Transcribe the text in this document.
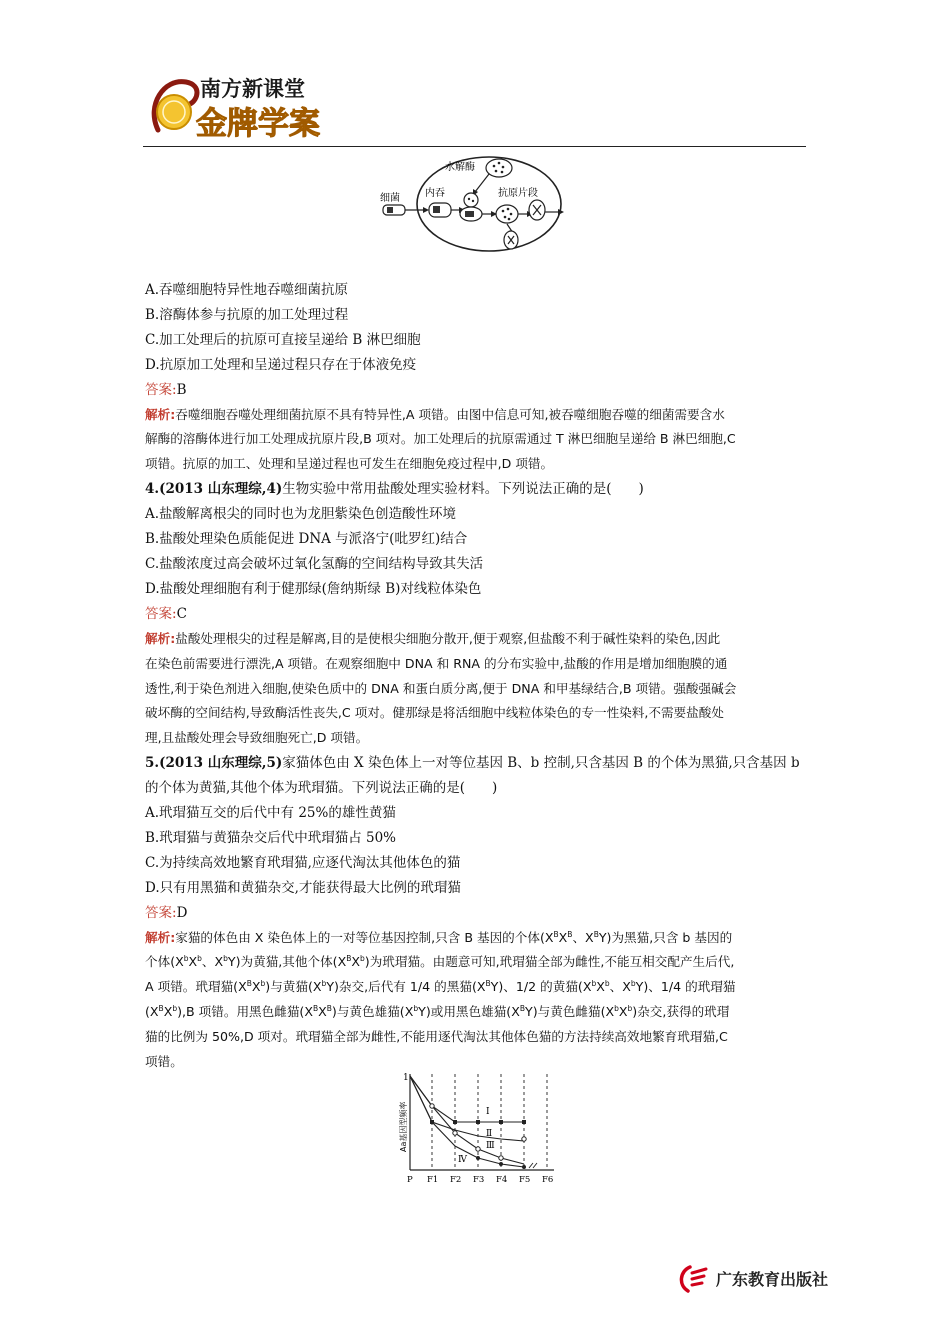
南方新课堂
金牌学案
细菌	内吞
水解酶
抗原片段
A.吞噬细胞特异性地吞噬细菌抗原
B.溶酶体参与抗原的加工处理过程
C.加工处理后的抗原可直接呈递给 B 淋巴细胞
D.抗原加工处理和呈递过程只存在于体液免疫
答案:B
解析:吞噬细胞吞噬处理细菌抗原不具有特异性,A 项错。由图中信息可知,被吞噬细胞吞噬的细菌需要含水
解酶的溶酶体进行加工处理成抗原片段,B 项对。加工处理后的抗原需通过 T 淋巴细胞呈递给 B 淋巴细胞,C
项错。抗原的加工、处理和呈递过程也可发生在细胞免疫过程中,D 项错。
4.(2013 山东理综,4)生物实验中常用盐酸处理实验材料。下列说法正确的是(　　)
A.盐酸解离根尖的同时也为龙胆紫染色创造酸性环境
B.盐酸处理染色质能促进 DNA 与派洛宁(吡罗红)结合
C.盐酸浓度过高会破坏过氧化氢酶的空间结构导致其失活
D.盐酸处理细胞有利于健那绿(詹纳斯绿 B)对线粒体染色
答案:C
解析:盐酸处理根尖的过程是解离,目的是使根尖细胞分散开,便于观察,但盐酸不利于碱性染料的染色,因此
在染色前需要进行漂洗,A 项错。在观察细胞中 DNA 和 RNA 的分布实验中,盐酸的作用是增加细胞膜的通
透性,利于染色剂进入细胞,使染色质中的 DNA 和蛋白质分离,便于 DNA 和甲基绿结合,B 项错。强酸强碱会
破坏酶的空间结构,导致酶活性丧失,C 项对。健那绿是将活细胞中线粒体染色的专一性染料,不需要盐酸处
理,且盐酸处理会导致细胞死亡,D 项错。
5.(2013 山东理综,5)家猫体色由 X 染色体上一对等位基因 B、b 控制,只含基因 B 的个体为黑猫,只含基因 b
的个体为黄猫,其他个体为玳瑁猫。下列说法正确的是(　　)
A.玳瑁猫互交的后代中有 25%的雄性黄猫
B.玳瑁猫与黄猫杂交后代中玳瑁猫占 50%
C.为持续高效地繁育玳瑁猫,应逐代淘汰其他体色的猫
D.只有用黑猫和黄猫杂交,才能获得最大比例的玳瑁猫
答案:D
解析:家猫的体色由 X 染色体上的一对等位基因控制,只含 B 基因的个体($X^BX^B$、$X^BY$)为黑猫,只含 b 基因的
个体($X^bX^b$、$X^bY$)为黄猫,其他个体$(X^BX^b)$为玳瑁猫。由题意可知,玳瑁猫全部为雌性,不能互相交配产生后代,
A 项错。玳瑁猫$(X^BX^b)$与黄猫$(X^bY)$杂交,后代有 1/4 的黑猫$(X^BY)$、1/2 的黄猫($X^bX^b$、$X^bY$)、1/4 的玳瑁猫
$(X^BX^b),B$ 项错。用黑色雌猫$(X^BX^B)$与黄色雄猫$(X^bY)$或用黑色雄猫$(X^BY)$与黄色雌猫$(X^bX^b)$杂交,获得的玳瑁
猫的比例为 50%,D 项对。玳瑁猫全部为雌性,不能用逐代淘汰其他体色猫的方法持续高效地繁育玳瑁猫,C
项错。
1
Aa基因型频率	Ⅰ
Ⅱ
Ⅲ
Ⅳ
P F1 F2 F3 F4 F5 F6
广东教育出版社
